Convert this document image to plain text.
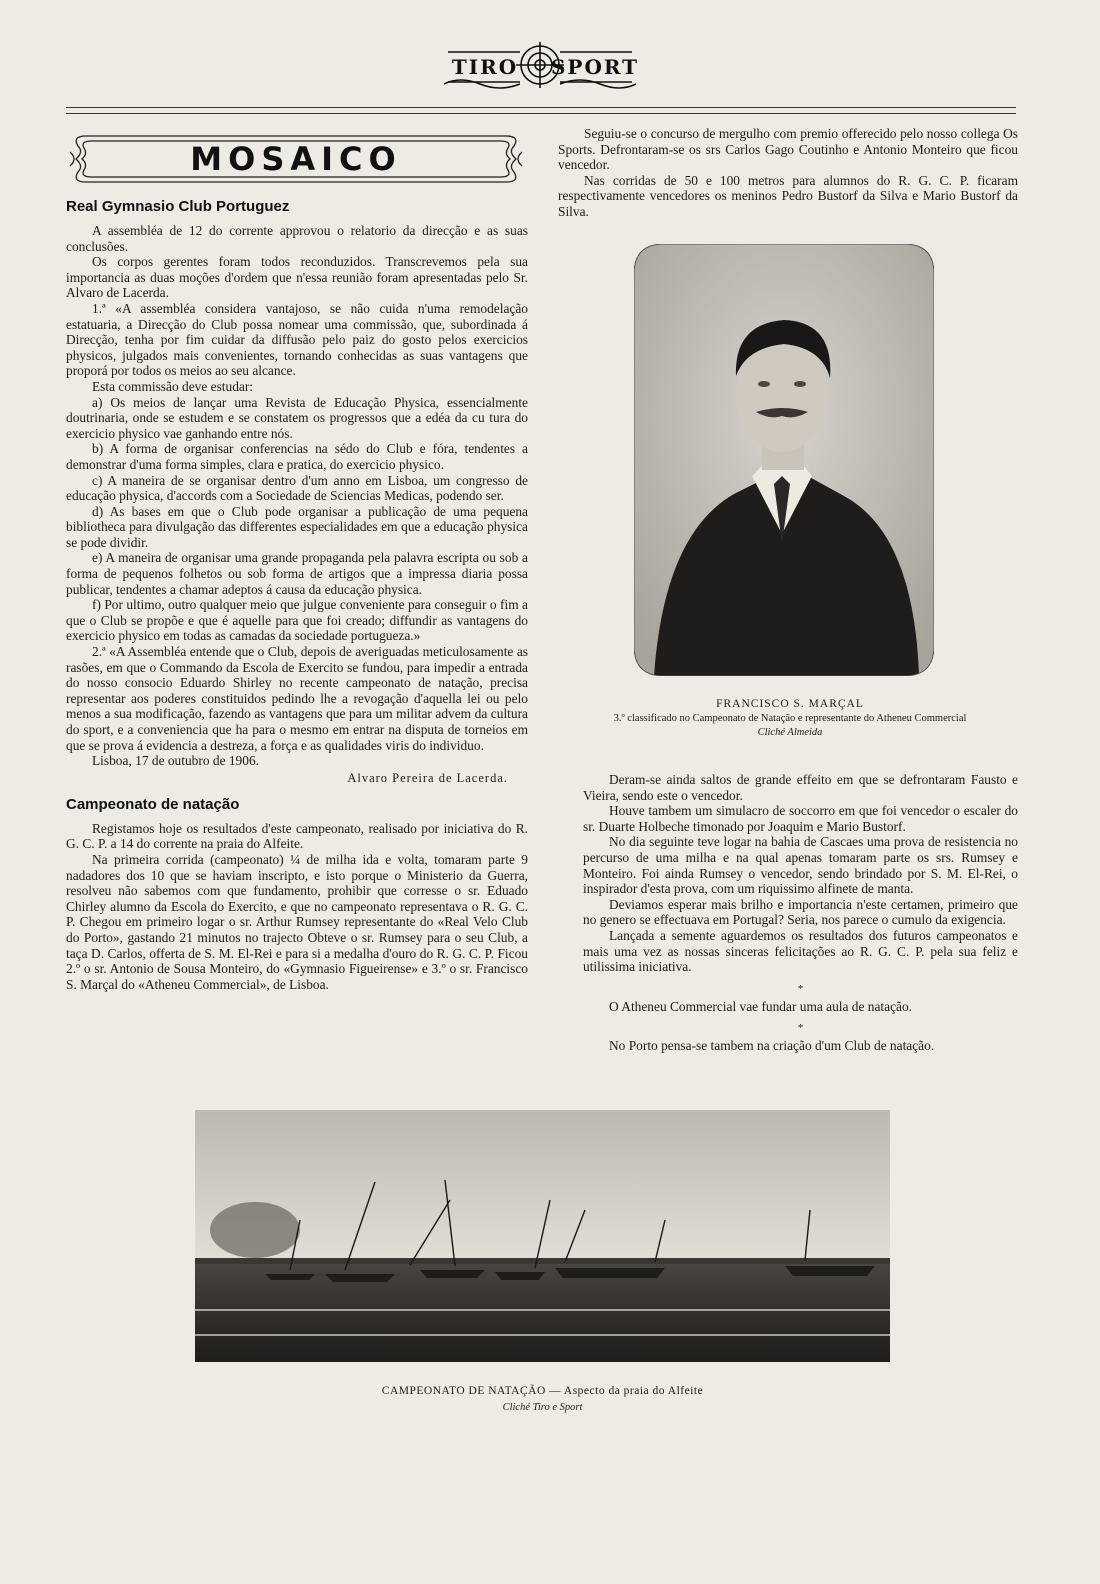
TIRO SPORT
MOSAICO
Real Gymnasio Club Portuguez

A assembléa de 12 do corrente approvou o relatorio da direcção e as suas conclusões.

Os corpos gerentes foram todos reconduzidos. Transcrevemos pela sua importancia as duas moções d'ordem que n'essa reunião foram apresentadas pelo Sr. Alvaro de Lacerda.

1.ª «A assembléa considera vantajoso, se não cuida n'uma remodelação estatuaria, a Direcção do Club possa nomear uma commissão, que, subordinada á Direcção, tenha por fim cuidar da diffusão pelo paiz do gosto pelos exercicios physicos, julgados mais convenientes, tornando conhecidas as suas vantagens que proporá por todos os meios ao seu alcance.

Esta commissão deve estudar:

a) Os meios de lançar uma Revista de Educação Physica, essencialmente doutrinaria, onde se estudem e se constatem os progressos que a edéa da cu tura do exercicio physico vae ganhando entre nós.

b) A forma de organisar conferencias na sédo do Club e fóra, tendentes a demonstrar d'uma forma simples, clara e pratica, do exercicio physico.

c) A maneira de se organisar dentro d'um anno em Lisboa, um congresso de educação physica, d'accords com a Sociedade de Sciencias Medicas, podendo ser.

d) As bases em que o Club pode organisar a publicação de uma pequena bibliotheca para divulgação das differentes especialidades em que a educação physica se pode dividir.

e) A maneira de organisar uma grande propaganda pela palavra escripta ou sob a forma de pequenos folhetos ou sob forma de artigos que a impressa diaria possa publicar, tendentes a chamar adeptos á causa da educação physica.

f) Por ultimo, outro qualquer meio que julgue conveniente para conseguir o fim a que o Club se propõe e que é aquelle para que foi creado; diffundir as vantagens do exercicio physico em todas as camadas da sociedade portugueza.»

2.ª «A Assembléa entende que o Club, depois de averiguadas meticulosamente as rasões, em que o Commando da Escola de Exercito se fundou, para impedir a entrada do nosso consocio Eduardo Shirley no recente campeonato de natação, precisa representar aos poderes constituidos pedindo lhe a revogação d'aquella lei ou pelo menos a sua modificação, fazendo as vantagens que para um militar advem da cultura do sport, e a conveniencia que ha para o mesmo em entrar na disputa de torneios em que se prova á evidencia a destreza, a força e as qualidades viris do individuo.

Lisboa, 17 de outubro de 1906.

Alvaro Pereira de Lacerda.
Campeonato de natação

Registamos hoje os resultados d'este campeonato, realisado por iniciativa do R. G. C. P. a 14 do corrente na praia do Alfeite.

Na primeira corrida (campeonato) ¼ de milha ida e volta, tomaram parte 9 nadadores dos 10 que se haviam inscripto, e isto porque o Ministerio da Guerra, resolveu não sabemos com que fundamento, prohibir que corresse o sr. Eduado Chirley alumno da Escola do Exercito, e que no campeonato representava o R. G. C. P. Chegou em primeiro logar o sr. Arthur Rumsey representante do «Real Velo Club do Porto», gastando 21 minutos no trajecto Obteve o sr. Rumsey para o seu Club, a taça D. Carlos, offerta de S. M. El-Rei e para si a medalha d'ouro do R. G. C. P. Ficou 2.º o sr. Antonio de Sousa Monteiro, do «Gymnasio Figueirense» e 3.º o sr. Francisco S. Marçal do «Atheneu Commercial», de Lisboa.

Seguiu-se o concurso de mergulho com premio offerecido pelo nosso collega Os Sports. Defrontaram-se os srs Carlos Gago Coutinho e Antonio Monteiro que ficou vencedor.

Nas corridas de 50 e 100 metros para alumnos do R. G. C. P. ficaram respectivamente vencedores os meninos Pedro Bustorf da Silva e Mario Bustorf da Silva.

FRANCISCO S. MARÇAL
3.º classificado no Campeonato de Natação e representante do Atheneu Commercial
Cliché Almeida

Deram-se ainda saltos de grande effeito em que se defrontaram Fausto e Vieira, sendo este o vencedor.

Houve tambem um simulacro de soccorro em que foi vencedor o escaler do sr. Duarte Holbeche timonado por Joaquim e Mario Bustorf.

No dia seguinte teve logar na bahia de Cascaes uma prova de resistencia no percurso de uma milha e na qual apenas tomaram parte os srs. Rumsey e Monteiro. Foi ainda Rumsey o vencedor, sendo brindado por S. M. El-Rei, o inspirador d'esta prova, com um riquissimo alfinete de manta.

Deviamos esperar mais brilho e importancia n'este certamen, primeiro que no genero se effectuava em Portugal? Seria, nos parece o cumulo da exigencia.

Lançada a semente aguardemos os resultados dos futuros campeonatos e mais uma vez as nossas sinceras felicitações ao R. G. C. P. pela sua feliz e utilissima iniciativa.

*

O Atheneu Commercial vae fundar uma aula de natação.

*

No Porto pensa-se tambem na criação d'um Club de natação.

CAMPEONATO DE NATAÇÃO — Aspecto da praia do Alfeite
Cliché Tiro e Sport
